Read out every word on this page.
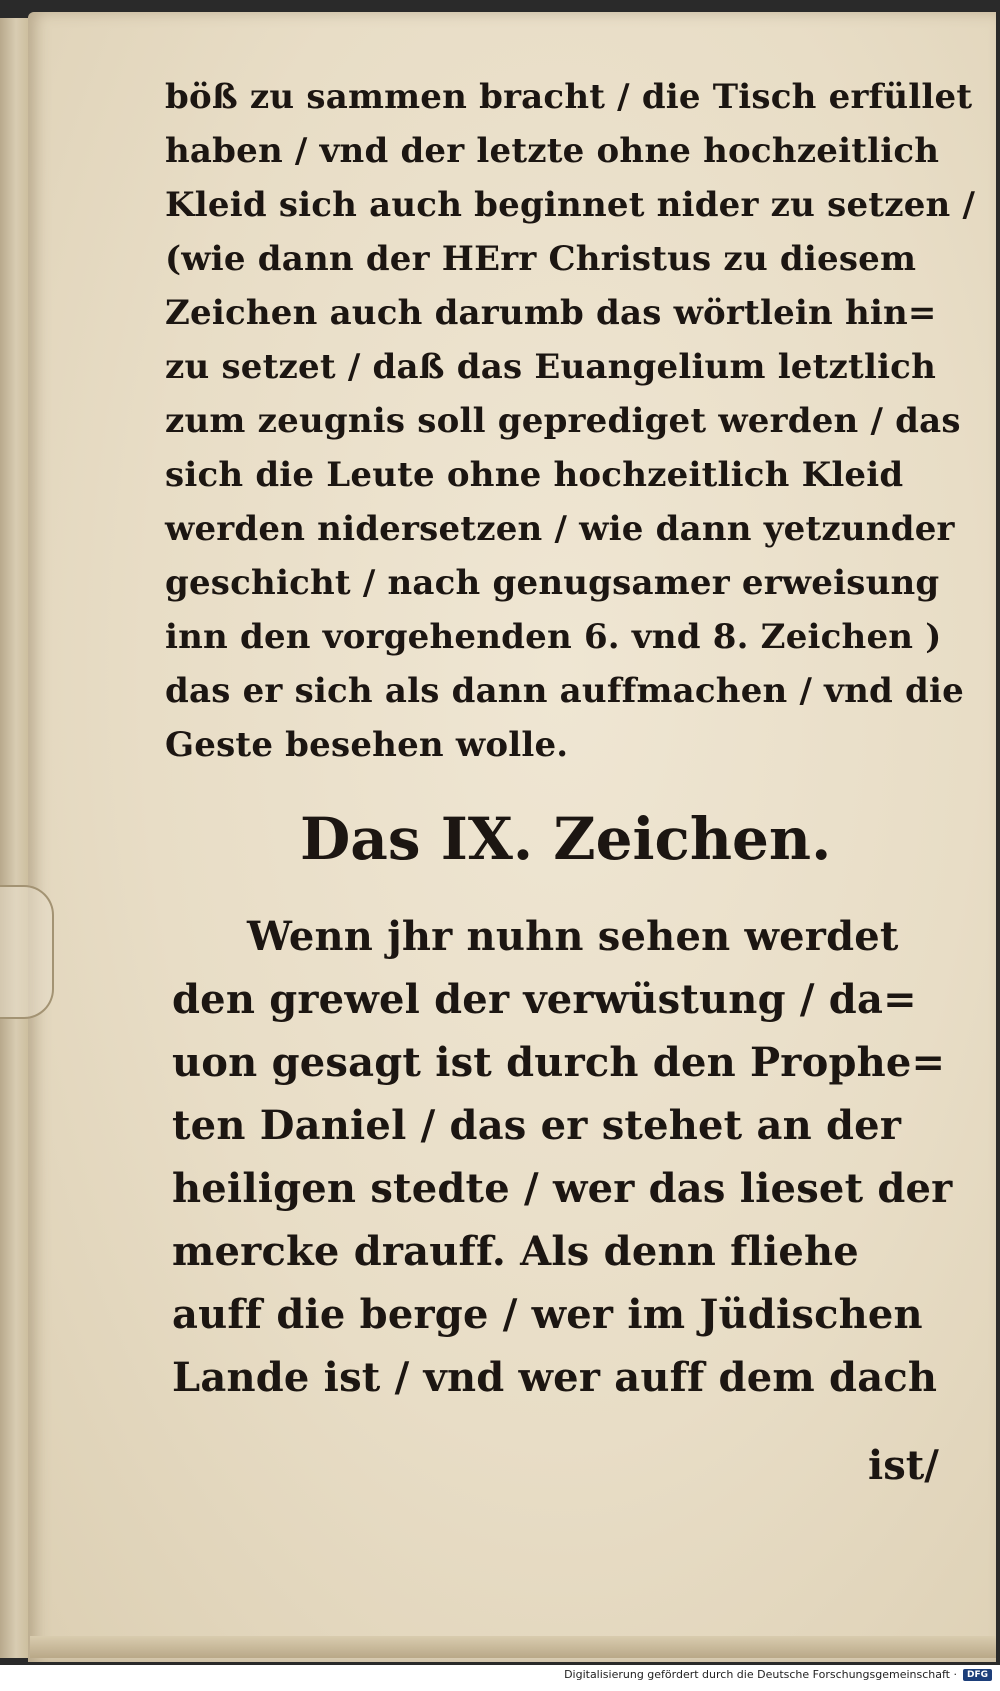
böß zu sammen bracht / die Tisch erfüllet
haben / vnd der letzte ohne hochzeitlich
Kleid sich auch beginnet nider zu setzen /
(wie dann der HErr Christus zu diesem
Zeichen auch darumb das wörtlein hin=
zu setzet / daß das Euangelium letztlich
zum zeugnis soll geprediget werden / das
sich die Leute ohne hochzeitlich Kleid
werden nidersetzen / wie dann yetzunder
geschicht / nach genugsamer erweisung
inn den vorgehenden 6. vnd 8. Zeichen )
das er sich als dann auffmachen / vnd die
Geste besehen wolle.
Das IX. Zeichen.
Wenn jhr nuhn sehen werdet
den grewel der verwüstung / da=
uon gesagt ist durch den Prophe=
ten Daniel / das er stehet an der
heiligen stedte / wer das lieset der
mercke drauff. Als denn fliehe
auff die berge / wer im Jüdischen
Lande ist / vnd wer auff dem dach
ist/
Digitalisierung gefördert durch die Deutsche Forschungsgemeinschaft ·	DFG
